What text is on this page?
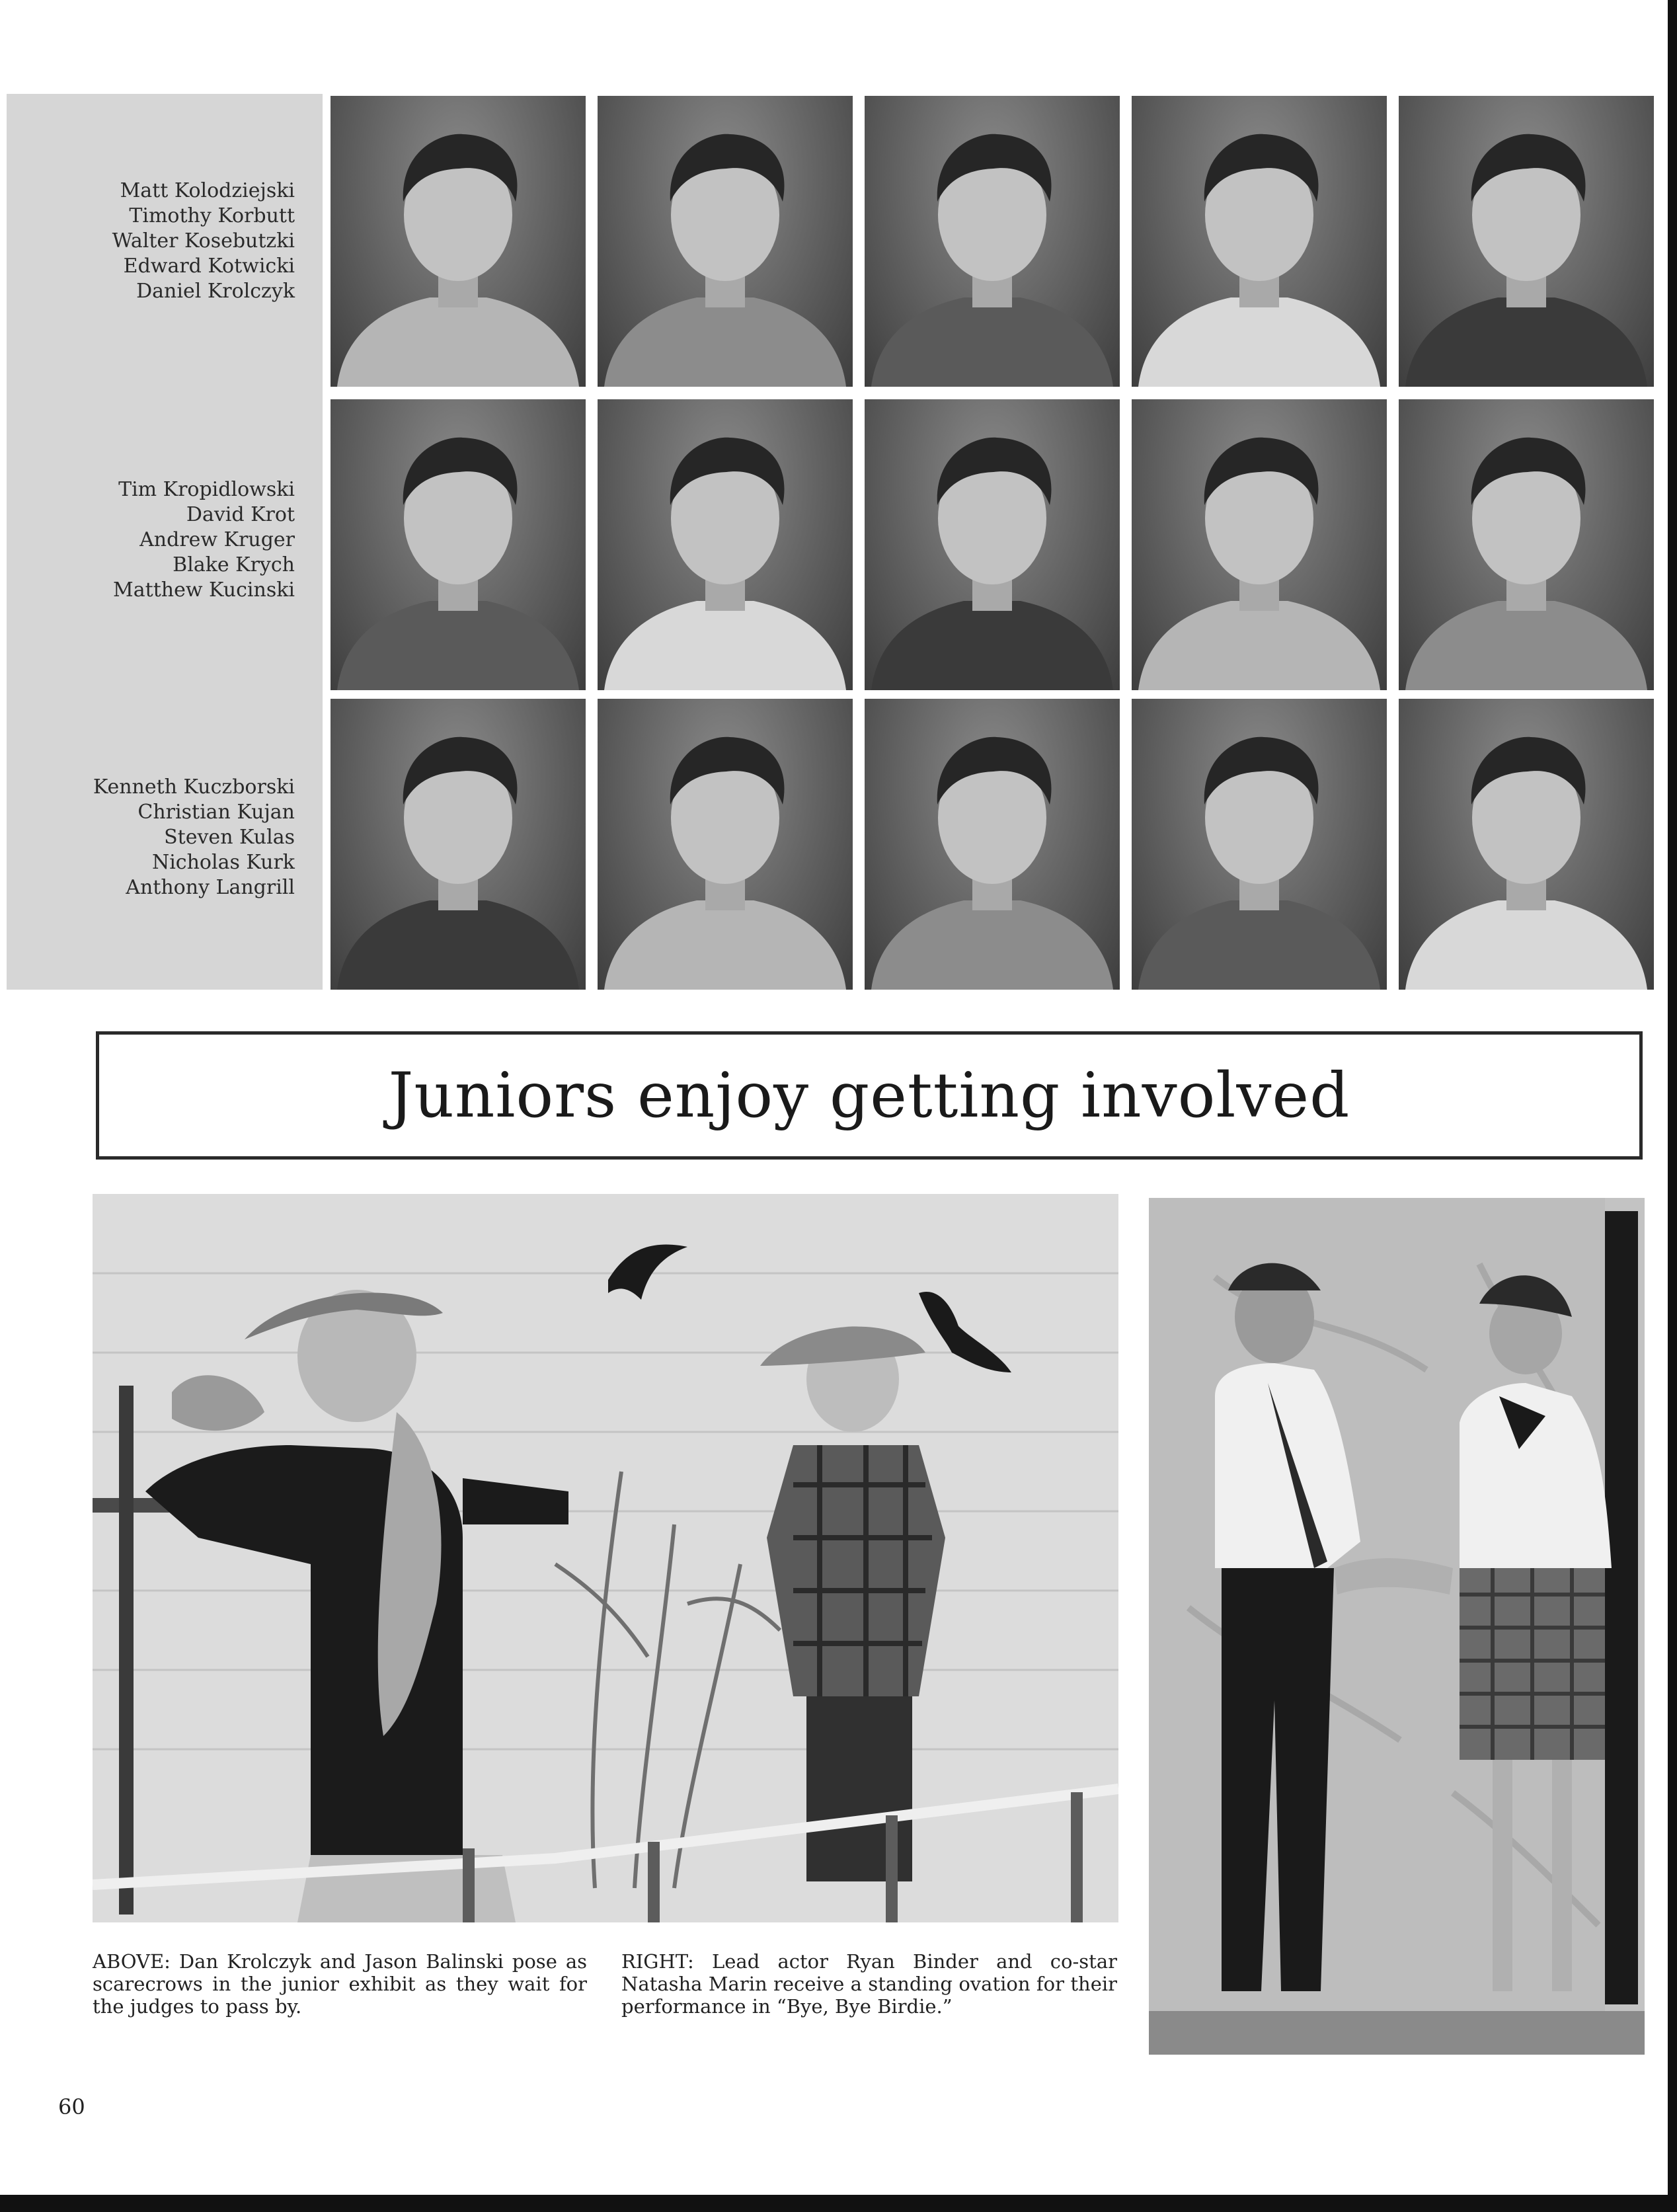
Matt Kolodziejski
Timothy Korbutt
Walter Kosebutzki
Edward Kotwicki
Daniel Krolczyk
Tim Kropidlowski
David Krot
Andrew Kruger
Blake Krych
Matthew Kucinski
Kenneth Kuczborski
Christian Kujan
Steven Kulas
Nicholas Kurk
Anthony Langrill
Juniors enjoy getting involved
ABOVE: Dan Krolczyk and Jason Balinski pose as scarecrows in the junior exhibit as they wait for the judges to pass by.
RIGHT: Lead actor Ryan Binder and co-star Natasha Marin receive a standing ovation for their performance in “Bye, Bye Birdie.”
60
